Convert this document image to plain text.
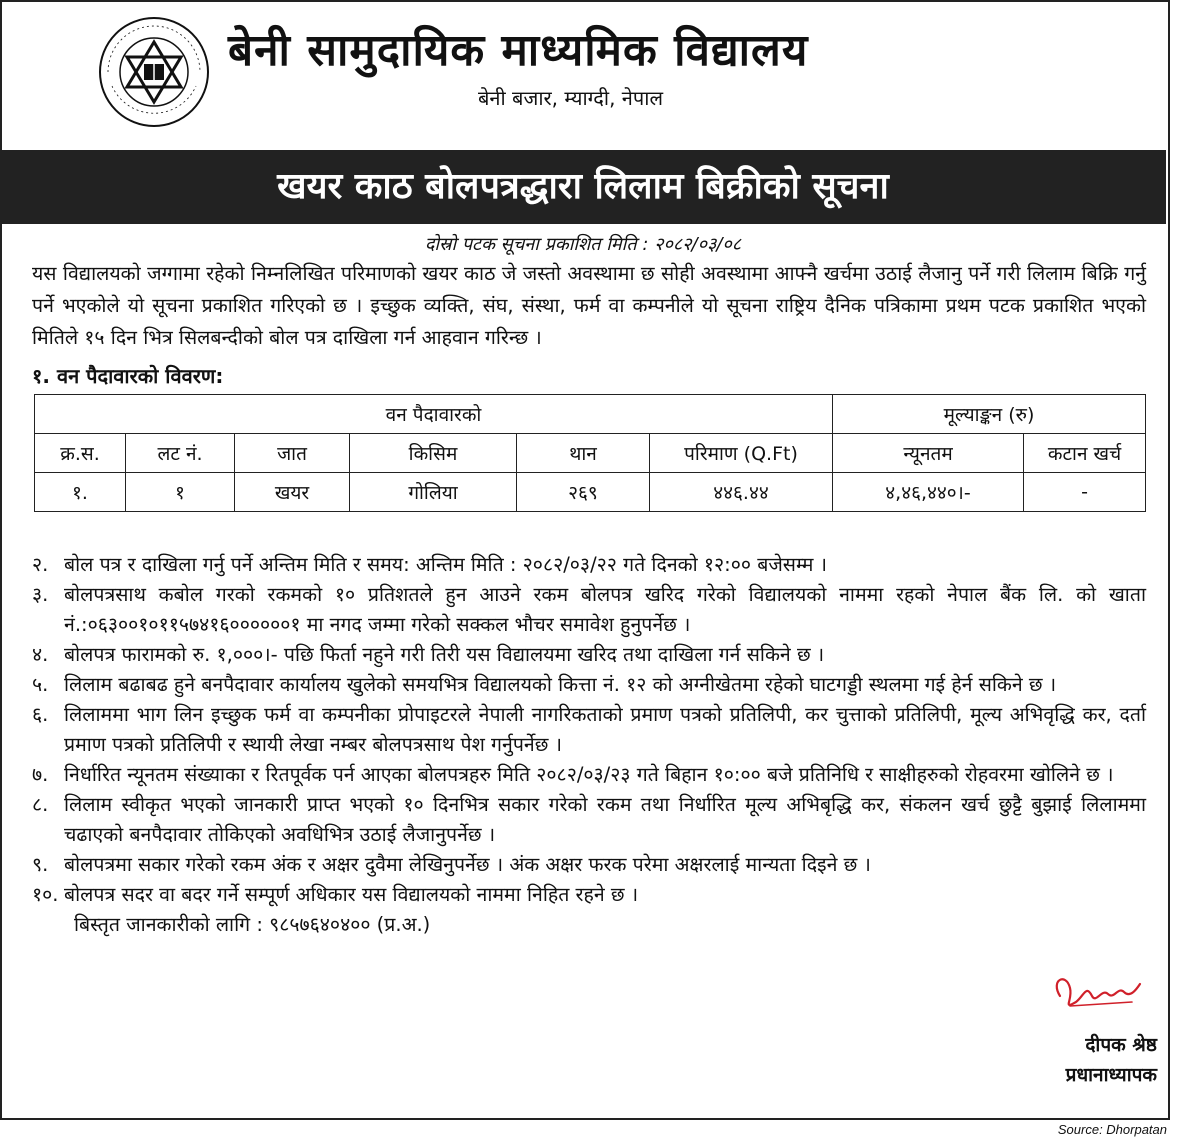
बेनी सामुदायिक माध्यमिक विद्यालय
बेनी बजार, म्याग्दी, नेपाल
खयर काठ बोलपत्रद्धारा लिलाम बिक्रीको सूचना
दोस्रो पटक सूचना प्रकाशित मिति : २०८२/०३/०८
यस विद्यालयको जग्गामा रहेको निम्नलिखित परिमाणको खयर काठ जे जस्तो अवस्थामा छ सोही अवस्थामा आफ्नै खर्चमा उठाई लैजानु पर्ने गरी लिलाम बिक्रि गर्नु पर्ने भएकोले यो सूचना प्रकाशित गरिएको छ । इच्छुक व्यक्ति, संघ, संस्था, फर्म वा कम्पनीले यो सूचना राष्ट्रिय दैनिक पत्रिकामा प्रथम पटक प्रकाशित भएको मितिले १५ दिन भित्र सिलबन्दीको बोल पत्र दाखिला गर्न आहवान गरिन्छ ।
१. वन पैदावारको विवरण:
वन पैदावारको						मूल्याङ्कन (रु)	
क्र.स.	लट नं.	जात	किसिम	थान	परिमाण (Q.Ft)	न्यूनतम	कटान खर्च
१.	१	खयर	गोलिया	२६९	४४६.४४	४,४६,४४०।-	-
२. बोल पत्र र दाखिला गर्नु पर्ने अन्तिम मिति र समय: अन्तिम मिति : २०८२/०३/२२ गते दिनको १२:०० बजेसम्म ।
३. बोलपत्रसाथ कबोल गरको रकमको १० प्रतिशतले हुन आउने रकम बोलपत्र खरिद गरेको विद्यालयको नाममा रहको नेपाल बैंक लि. को खाता नं.:०६३००१०११५७४१६००००००१ मा नगद जम्मा गरेको सक्कल भौचर समावेश हुनुपर्नेछ ।
४. बोलपत्र फारामको रु. १,०००।- पछि फिर्ता नहुने गरी तिरी यस विद्यालयमा खरिद तथा दाखिला गर्न सकिने छ ।
५. लिलाम बढाबढ हुने बनपैदावार कार्यालय खुलेको समयभित्र विद्यालयको कित्ता नं. १२ को अग्नीखेतमा रहेको घाटगड्डी स्थलमा गई हेर्न सकिने छ ।
६. लिलाममा भाग लिन इच्छुक फर्म वा कम्पनीका प्रोपाइटरले नेपाली नागरिकताको प्रमाण पत्रको प्रतिलिपी, कर चुत्ताको प्रतिलिपी, मूल्य अभिवृद्धि कर, दर्ता प्रमाण पत्रको प्रतिलिपी र स्थायी लेखा नम्बर बोलपत्रसाथ पेश गर्नुपर्नेछ ।
७. निर्धारित न्यूनतम संख्याका र रितपूर्वक पर्न आएका बोलपत्रहरु मिति २०८२/०३/२३ गते बिहान १०:०० बजे प्रतिनिधि र साक्षीहरुको रोहवरमा खोलिने छ ।
८. लिलाम स्वीकृत भएको जानकारी प्राप्त भएको १० दिनभित्र सकार गरेको रकम तथा निर्धारित मूल्य अभिबृद्धि कर, संकलन खर्च छुट्टै बुझाई लिलाममा चढाएको बनपैदावार तोकिएको अवधिभित्र उठाई लैजानुपर्नेछ ।
९. बोलपत्रमा सकार गरेको रकम अंक र अक्षर दुवैमा लेखिनुपर्नेछ । अंक अक्षर फरक परेमा अक्षरलाई मान्यता दिइने छ ।
१०. बोलपत्र सदर वा बदर गर्ने सम्पूर्ण अधिकार यस विद्यालयको नाममा निहित रहने छ ।
बिस्तृत जानकारीको लागि : ९८५७६४०४०० (प्र.अ.)
दीपक श्रेष्ठ
प्रधानाध्यापक
Source: Dhorpatan
